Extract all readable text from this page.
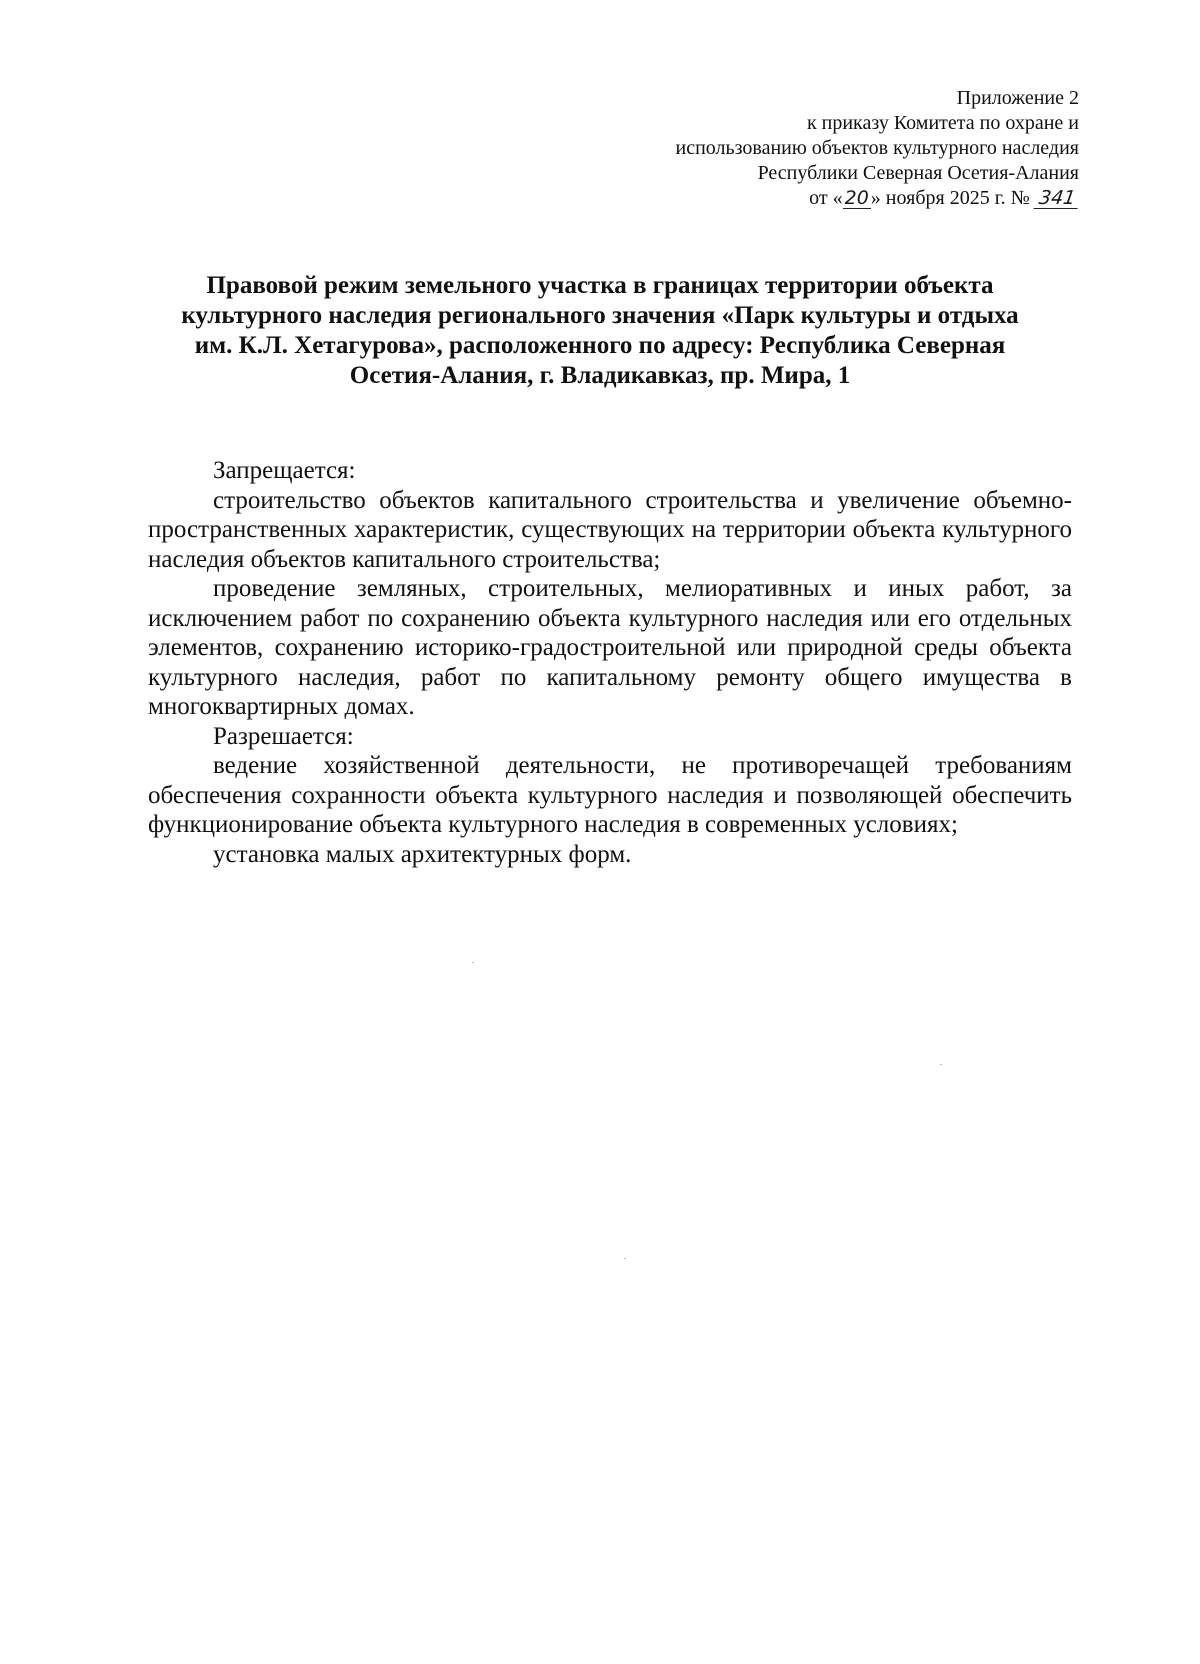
Приложение 2
к приказу Комитета по охране и
использованию объектов культурного наследия
Республики Северная Осетия-Алания
от « 20 » ноября 2025 г. № 341
Правовой режим земельного участка в границах территории объекта
культурного наследия регионального значения «Парк культуры и отдыха
им. К.Л. Хетагурова», расположенного по адресу: Республика Северная
Осетия-Алания, г. Владикавказ, пр. Мира, 1

Запрещается:

строительство объектов капитального строительства и увеличение объемно-пространственных характеристик, существующих на территории объекта культурного наследия объектов капитального строительства;

проведение земляных, строительных, мелиоративных и иных работ, за исключением работ по сохранению объекта культурного наследия или его отдельных элементов, сохранению историко-градостроительной или природной среды объекта культурного наследия, работ по капитальному ремонту общего имущества в многоквартирных домах.

Разрешается:

ведение хозяйственной деятельности, не противоречащей требованиям обеспечения сохранности объекта культурного наследия и позволяющей обеспечить функционирование объекта культурного наследия в современных условиях;

установка малых архитектурных форм.
